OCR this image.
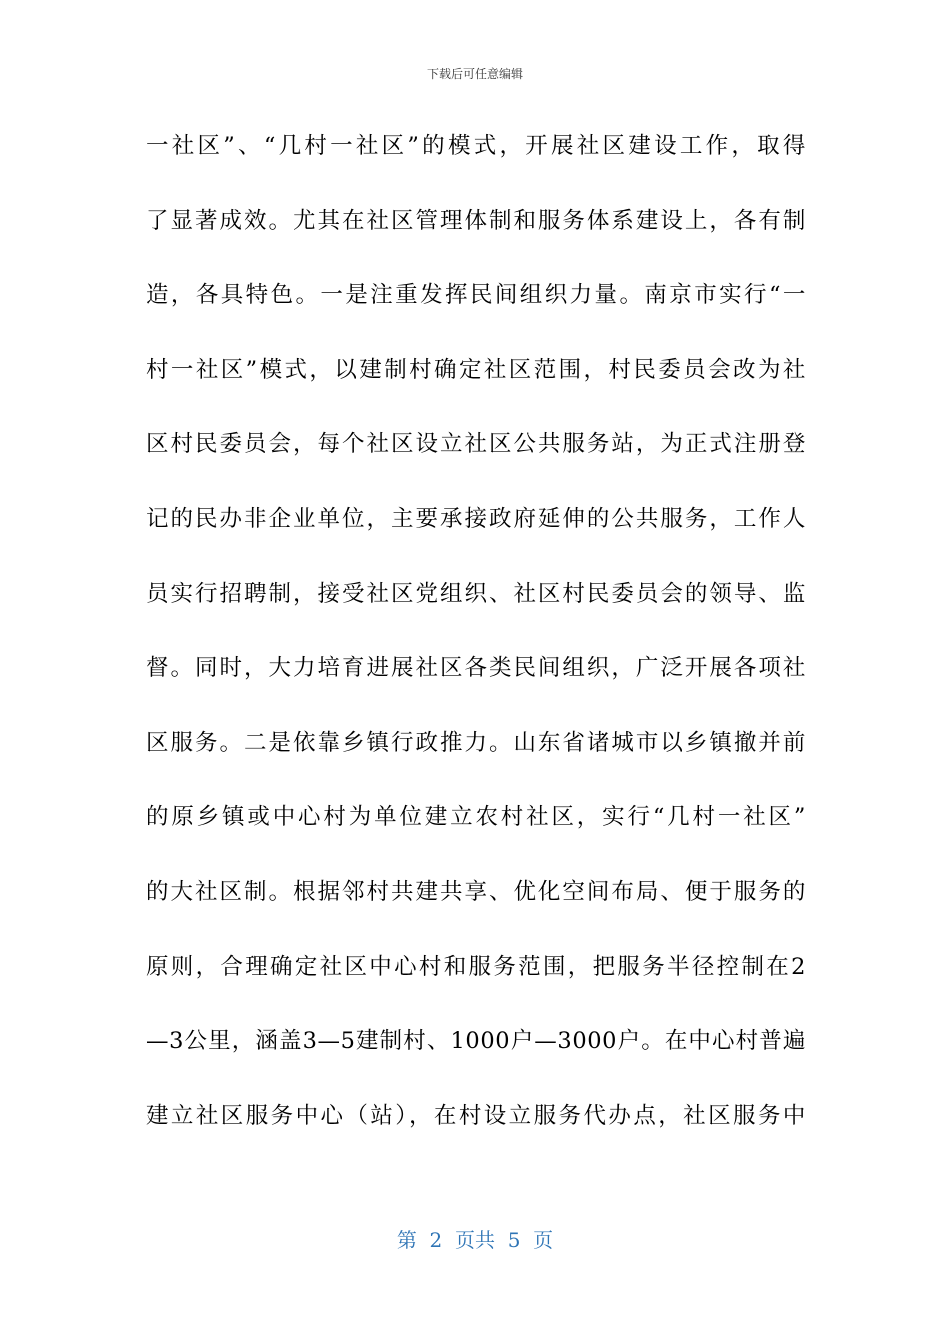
下载后可任意编辑
一社区”、“几村一社区”的模式，开展社区建设工作，取得
了显著成效。尤其在社区管理体制和服务体系建设上，各有制
造，各具特色。一是注重发挥民间组织力量。南京市实行“一
村一社区”模式，以建制村确定社区范围，村民委员会改为社
区村民委员会，每个社区设立社区公共服务站，为正式注册登
记的民办非企业单位，主要承接政府延伸的公共服务，工作人
员实行招聘制，接受社区党组织、社区村民委员会的领导、监
督。同时，大力培育进展社区各类民间组织，广泛开展各项社
区服务。二是依靠乡镇行政推力。山东省诸城市以乡镇撤并前
的原乡镇或中心村为单位建立农村社区，实行“几村一社区”
的大社区制。根据邻村共建共享、优化空间布局、便于服务的
原则，合理确定社区中心村和服务范围，把服务半径控制在2
—3公里，涵盖3—5建制村、1000户—3000户。在中心村普遍
建立社区服务中心（站），在村设立服务代办点，社区服务中
第  2  页共  5  页
